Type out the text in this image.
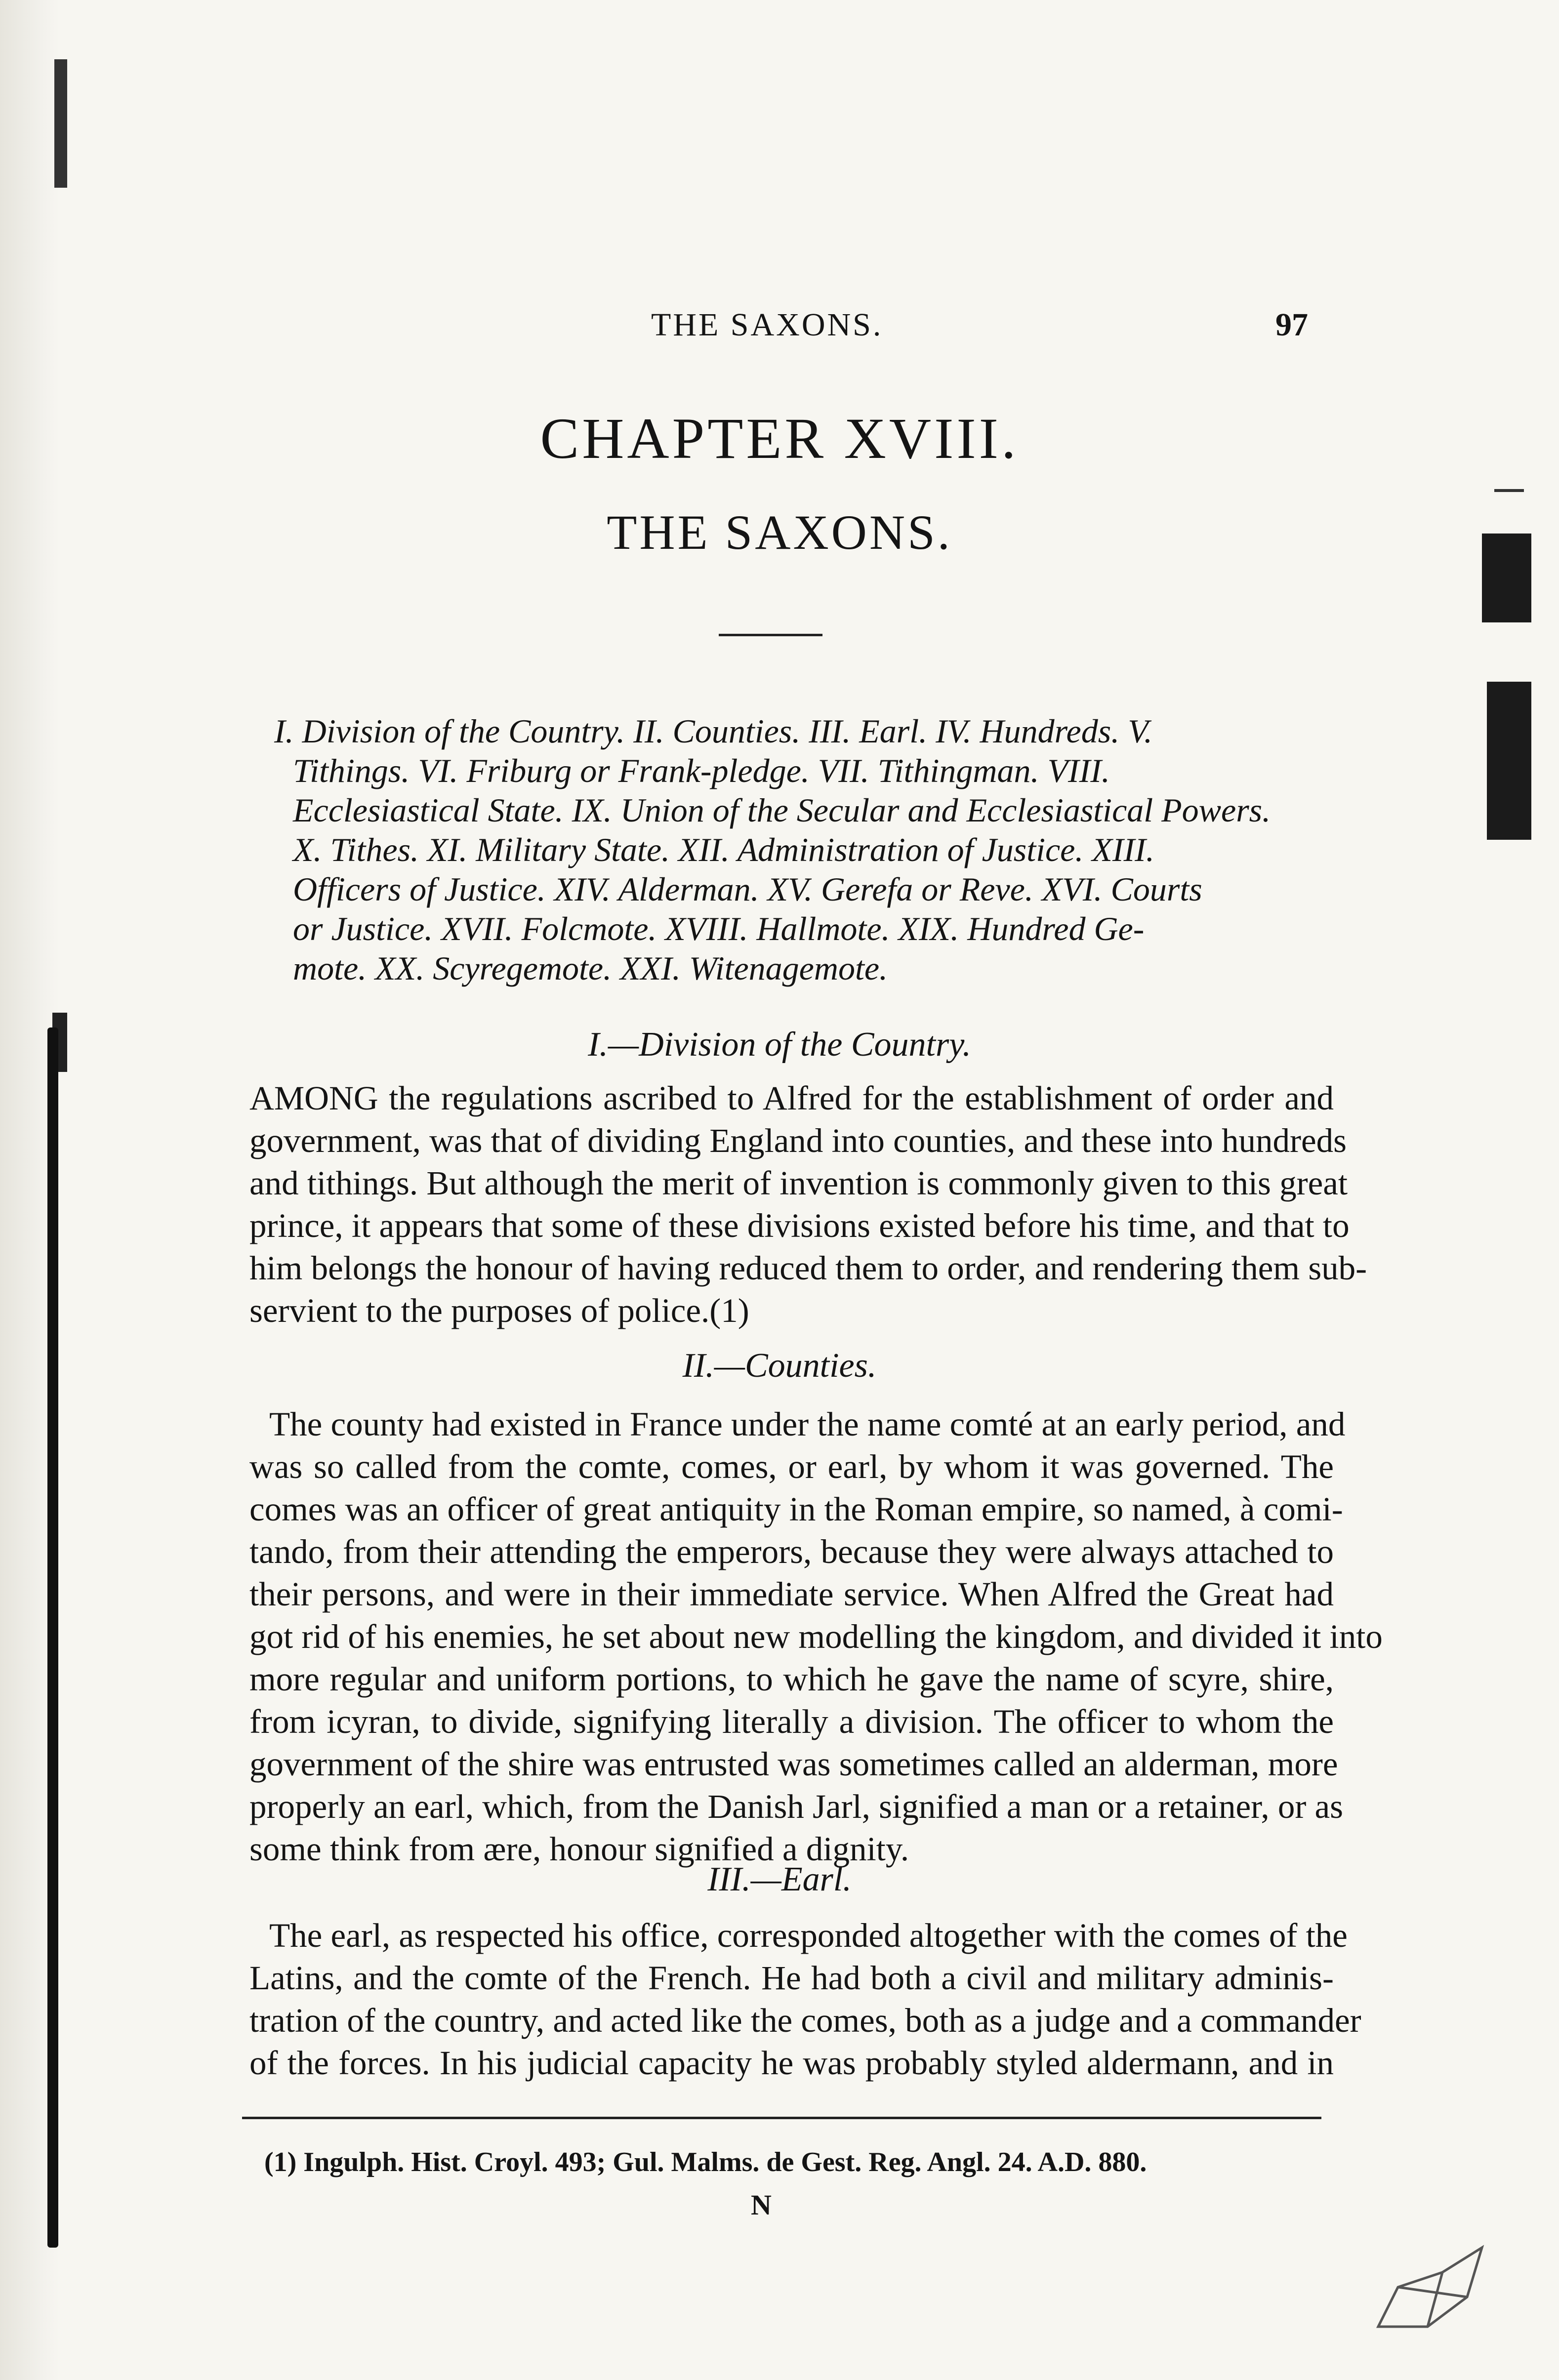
THE SAXONS.	97
CHAPTER XVIII.
THE SAXONS.
I. Division of the Country. II. Counties. III. Earl. IV. Hundreds. V.
Tithings. VI. Friburg or Frank-pledge. VII. Tithingman. VIII.
Ecclesiastical State. IX. Union of the Secular and Ecclesiastical Powers.
X. Tithes. XI. Military State. XII. Administration of Justice. XIII.
Officers of Justice. XIV. Alderman. XV. Gerefa or Reve. XVI. Courts
or Justice. XVII. Folcmote. XVIII. Hallmote. XIX. Hundred Ge-
mote. XX. Scyregemote. XXI. Witenagemote.
I.—Division of the Country.
AMONG the regulations ascribed to Alfred for the establishment of order and
government, was that of dividing England into counties, and these into hundreds
and tithings. But although the merit of invention is commonly given to this great
prince, it appears that some of these divisions existed before his time, and that to
him belongs the honour of having reduced them to order, and rendering them sub-
servient to the purposes of police.(1)
II.—Counties.
The county had existed in France under the name comté at an early period, and
was so called from the comte, comes, or earl, by whom it was governed. The
comes was an officer of great antiquity in the Roman empire, so named, à comi-
tando, from their attending the emperors, because they were always attached to
their persons, and were in their immediate service. When Alfred the Great had
got rid of his enemies, he set about new modelling the kingdom, and divided it into
more regular and uniform portions, to which he gave the name of scyre, shire,
from icyran, to divide, signifying literally a division. The officer to whom the
government of the shire was entrusted was sometimes called an alderman, more
properly an earl, which, from the Danish Jarl, signified a man or a retainer, or as
some think from ære, honour signified a dignity.
III.—Earl.
The earl, as respected his office, corresponded altogether with the comes of the
Latins, and the comte of the French. He had both a civil and military adminis-
tration of the country, and acted like the comes, both as a judge and a commander
of the forces. In his judicial capacity he was probably styled aldermann, and in
(1) Ingulph. Hist. Croyl. 493; Gul. Malms. de Gest. Reg. Angl. 24. A.D. 880.
N
